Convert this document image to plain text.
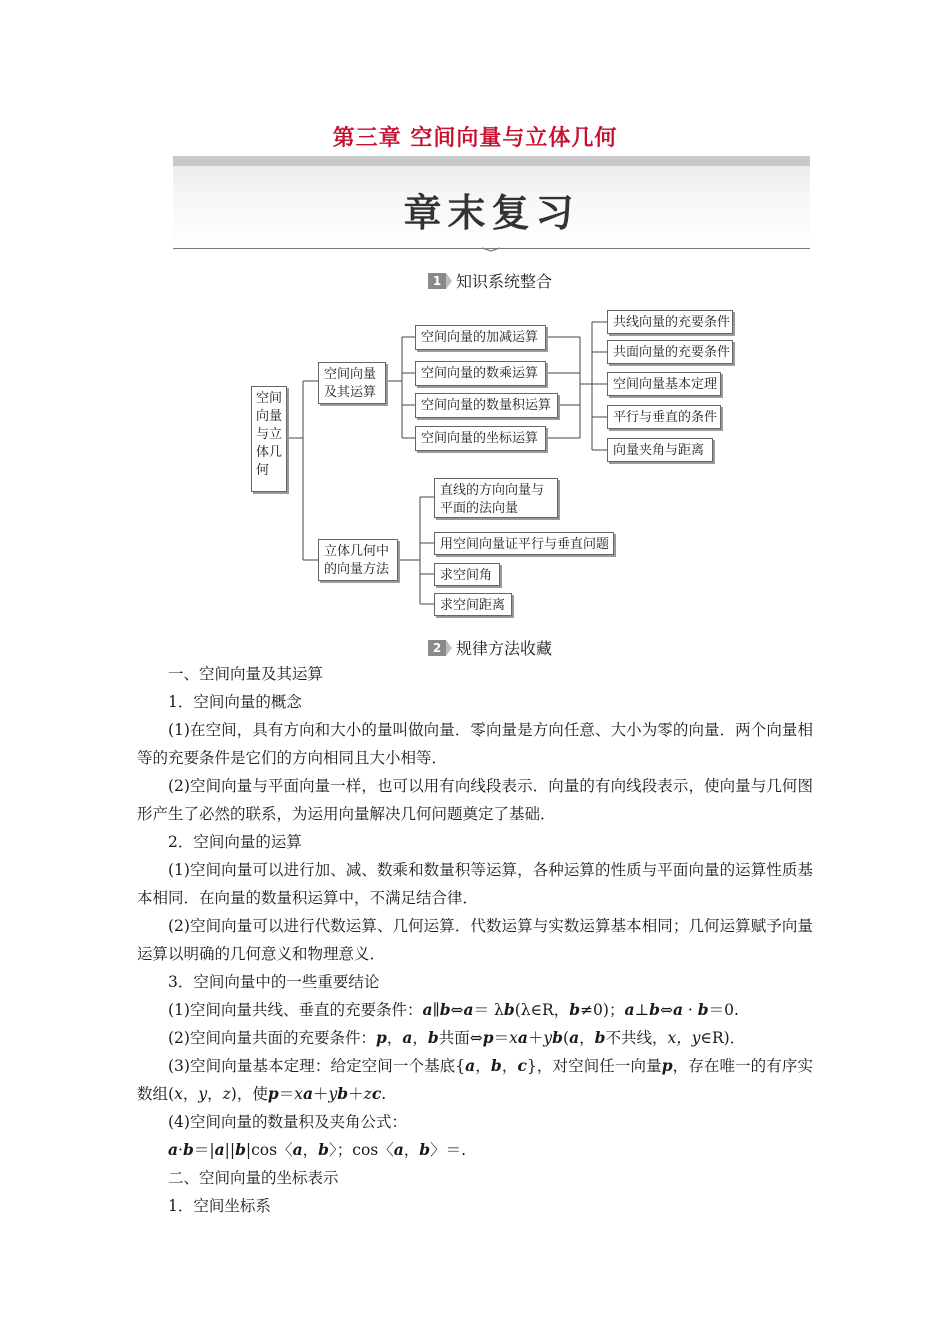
第三章 空间向量与立体几何
章末复习
1 知识系统整合
空间
向量
与立
体几
何
空间向量
及其运算
空间向量的加减运算
空间向量的数乘运算
空间向量的数量积运算
空间向量的坐标运算
共线向量的充要条件
共面向量的充要条件
空间向量基本定理
平行与垂直的条件
向量夹角与距离
立体几何中
的向量方法
直线的方向向量与
平面的法向量
用空间向量证平行与垂直问题
求空间角
求空间距离
2 规律方法收藏

一、空间向量及其运算

1．空间向量的概念

(1)在空间，具有方向和大小的量叫做向量．零向量是方向任意、大小为零的向量．两个向量相等的充要条件是它们的方向相同且大小相等．

(2)空间向量与平面向量一样，也可以用有向线段表示．向量的有向线段表示，使向量与几何图形产生了必然的联系，为运用向量解决几何问题奠定了基础．

2．空间向量的运算

(1)空间向量可以进行加、减、数乘和数量积等运算，各种运算的性质与平面向量的运算性质基本相同．在向量的数量积运算中，不满足结合律．

(2)空间向量可以进行代数运算、几何运算．代数运算与实数运算基本相同；几何运算赋予向量运算以明确的几何意义和物理意义．

3．空间向量中的一些重要结论

(1)空间向量共线、垂直的充要条件：a∥b⇔a＝ λb(λ∈R，b≠0)；a⊥b⇔a · b＝0.

(2)空间向量共面的充要条件：p，a，b共面⇔p＝xa＋yb(a，b不共线，x，y∈R)．

(3)空间向量基本定理：给定空间一个基底{a，b，c}，对空间任一向量p，存在唯一的有序实数组(x，y，z)，使p＝xa＋yb＋zc.

(4)空间向量的数量积及夹角公式：

a·b＝|a||b|cos〈a，b〉；cos〈a，b〉＝.

二、空间向量的坐标表示

1．空间坐标系
